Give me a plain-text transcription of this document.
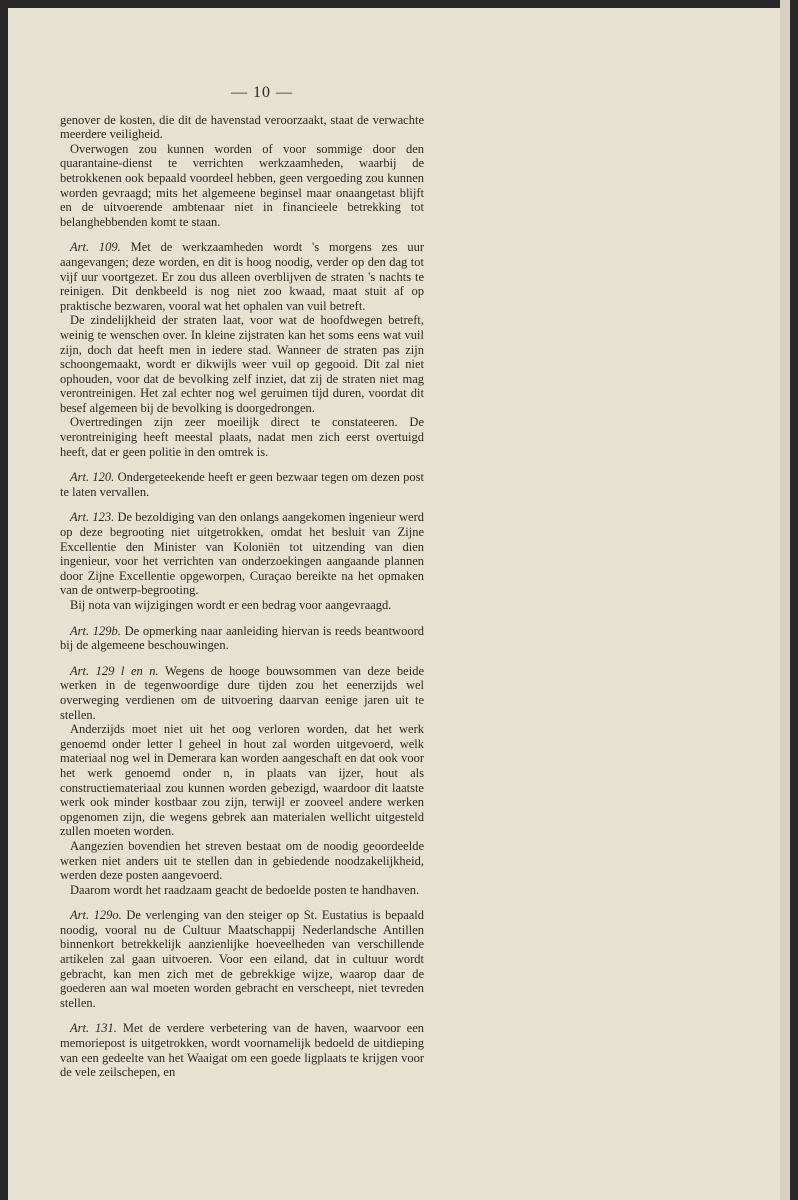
— 10 —

genover de kosten, die dit de havenstad veroorzaakt, staat de verwachte meerdere veiligheid.

Overwogen zou kunnen worden of voor sommige door den quarantaine-dienst te verrichten werkzaamheden, waarbij de betrokkenen ook bepaald voordeel hebben, geen vergoeding zou kunnen worden gevraagd; mits het algemeene beginsel maar onaangetast blijft en de uitvoerende ambtenaar niet in financieele betrekking tot belanghebbenden komt te staan.

Art. 109. Met de werkzaamheden wordt 's morgens zes uur aangevangen; deze worden, en dit is hoog noodig, verder op den dag tot vijf uur voortgezet. Er zou dus alleen overblijven de straten 's nachts te reinigen. Dit denkbeeld is nog niet zoo kwaad, maat stuit af op praktische bezwaren, vooral wat het ophalen van vuil betreft.

De zindelijkheid der straten laat, voor wat de hoofdwegen betreft, weinig te wenschen over. In kleine zijstraten kan het soms eens wat vuil zijn, doch dat heeft men in iedere stad. Wanneer de straten pas zijn schoongemaakt, wordt er dikwijls weer vuil op gegooid. Dit zal niet ophouden, voor dat de bevolking zelf inziet, dat zij de straten niet mag verontreinigen. Het zal echter nog wel geruimen tijd duren, voordat dit besef algemeen bij de bevolking is doorgedrongen.

Overtredingen zijn zeer moeilijk direct te constateeren. De verontreiniging heeft meestal plaats, nadat men zich eerst overtuigd heeft, dat er geen politie in den omtrek is.

Art. 120. Ondergeteekende heeft er geen bezwaar tegen om dezen post te laten vervallen.

Art. 123. De bezoldiging van den onlangs aangekomen ingenieur werd op deze begrooting niet uitgetrokken, omdat het besluit van Zijne Excellentie den Minister van Koloniën tot uitzending van dien ingenieur, voor het verrichten van onderzoekingen aangaande plannen door Zijne Excellentie opgeworpen, Curaçao bereikte na het opmaken van de ontwerp-begrooting.

Bij nota van wijzigingen wordt er een bedrag voor aangevraagd.

Art. 129b. De opmerking naar aanleiding hiervan is reeds beantwoord bij de algemeene beschouwingen.

Art. 129 l en n. Wegens de hooge bouwsommen van deze beide werken in de tegenwoordige dure tijden zou het eenerzijds wel overweging verdienen om de uitvoering daarvan eenige jaren uit te stellen.

Anderzijds moet niet uit het oog verloren worden, dat het werk genoemd onder letter l geheel in hout zal worden uitgevoerd, welk materiaal nog wel in Demerara kan worden aangeschaft en dat ook voor het werk genoemd onder n, in plaats van ijzer, hout als constructiemateriaal zou kunnen worden gebezigd, waardoor dit laatste werk ook minder kostbaar zou zijn, terwijl er zooveel andere werken opgenomen zijn, die wegens gebrek aan materialen wellicht uitgesteld zullen moeten worden.

Aangezien bovendien het streven bestaat om de noodig geoordeelde werken niet anders uit te stellen dan in gebiedende noodzakelijkheid, werden deze posten aangevoerd.

Daarom wordt het raadzaam geacht de bedoelde posten te handhaven.

Art. 129o. De verlenging van den steiger op St. Eustatius is bepaald noodig, vooral nu de Cultuur Maatschappij Nederlandsche Antillen binnenkort betrekkelijk aanzienlijke hoeveelheden van verschillende artikelen zal gaan uitvoeren. Voor een eiland, dat in cultuur wordt gebracht, kan men zich met de gebrekkige wijze, waarop daar de goederen aan wal moeten worden gebracht en verscheept, niet tevreden stellen.

Art. 131. Met de verdere verbetering van de haven, waarvoor een memoriepost is uitgetrokken, wordt voornamelijk bedoeld de uitdieping van een gedeelte van het Waaigat om een goede ligplaats te krijgen voor de vele zeilschepen, en
